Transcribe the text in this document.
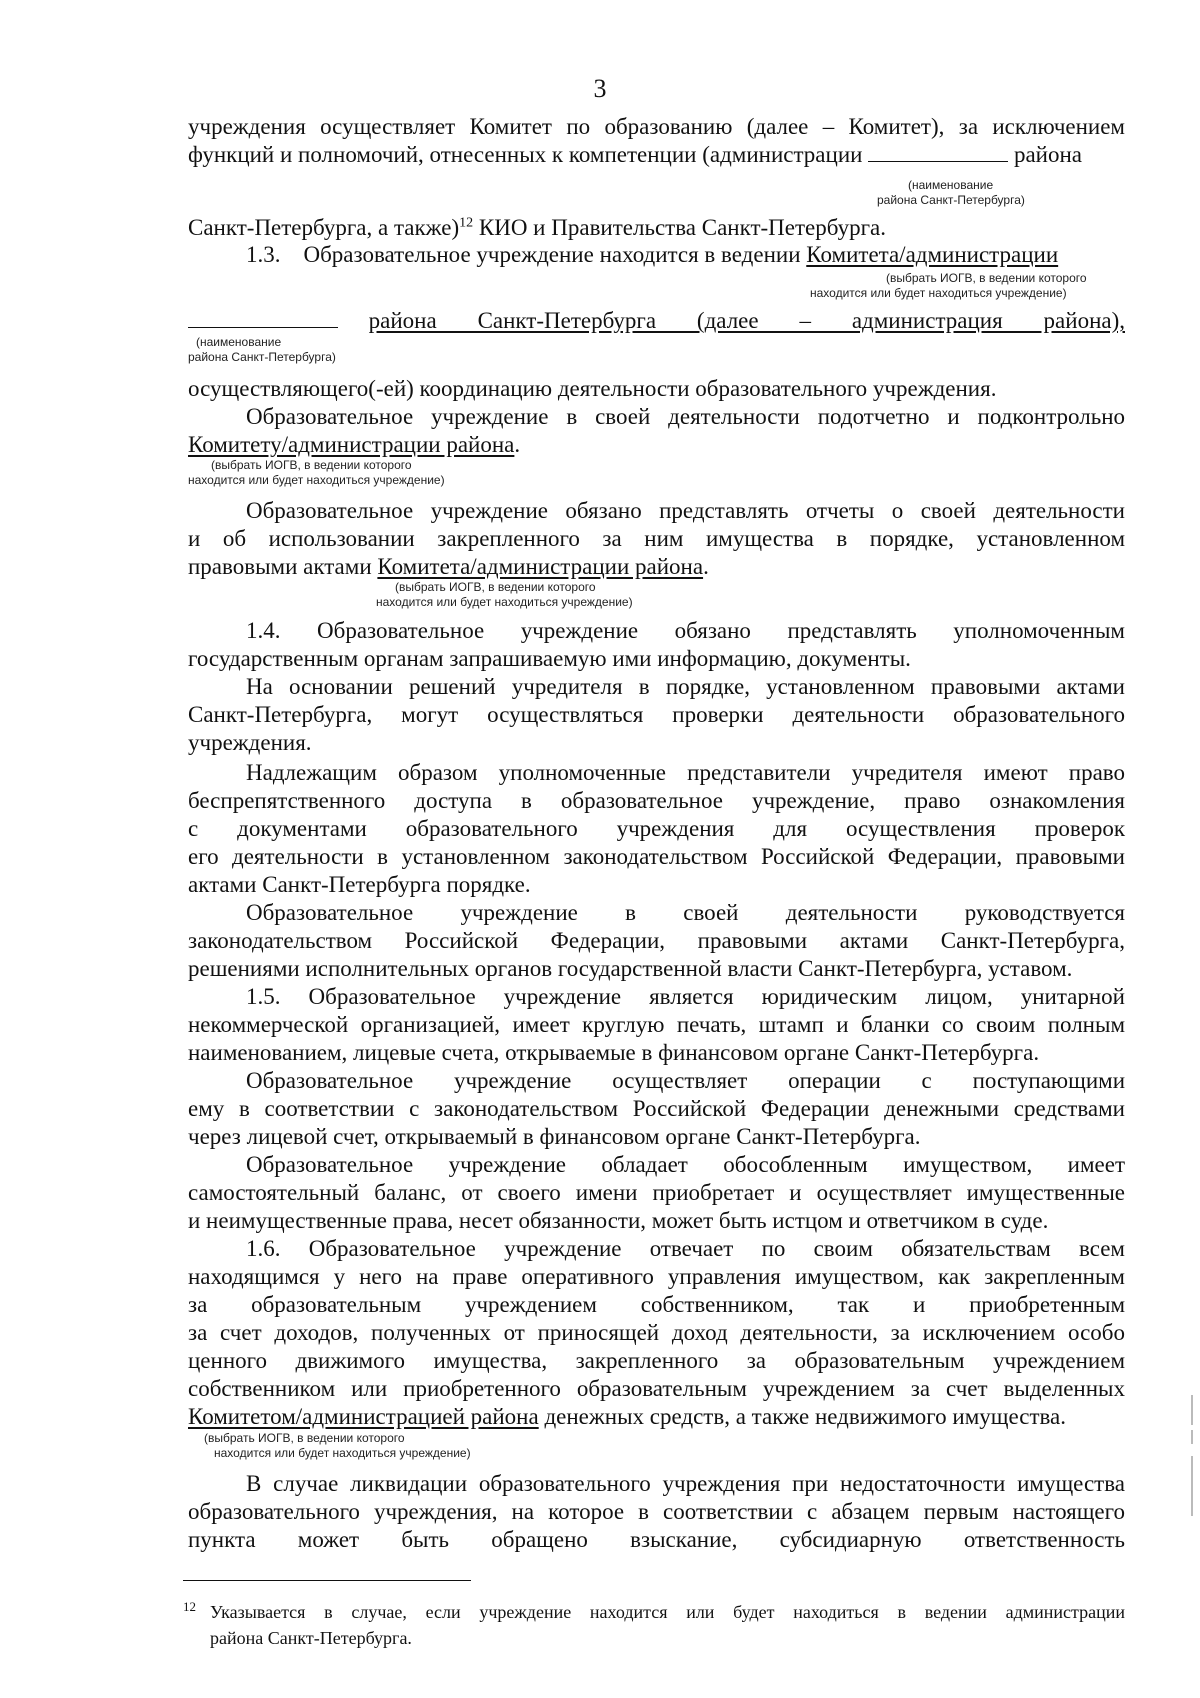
3
учреждения осуществляет Комитет по образованию (далее – Комитет), за исключением
функций и полномочий, отнесенных к компетенции (администрации	района
(наименование
района Санкт-Петербурга)
Санкт-Петербурга, а также)$^{12}$ КИО и Правительства Санкт-Петербурга.
1.3.    Образовательное учреждение находится в ведении Комитета/администрации
(выбрать ИОГВ, в ведении которого
находится или будет находиться учреждение)
района    Санкт-Петербурга    (далее    –    администрация    района),
(наименование
района Санкт-Петербурга)
осуществляющего(-ей) координацию деятельности образовательного учреждения.
Образовательное учреждение в своей деятельности подотчетно и подконтрольно
Комитету/администрации района.
(выбрать ИОГВ, в ведении которого
находится или будет находиться учреждение)
Образовательное учреждение обязано представлять отчеты о своей деятельности
и об использовании закрепленного за ним имущества в порядке, установленном
правовыми актами Комитета/администрации района.
(выбрать ИОГВ, в ведении которого
находится или будет находиться учреждение)
1.4. Образовательное учреждение обязано представлять уполномоченным
государственным органам запрашиваемую ими информацию, документы.
На основании решений учредителя в порядке, установленном правовыми актами
Санкт-Петербурга, могут осуществляться проверки деятельности образовательного
учреждения.
Надлежащим образом уполномоченные представители учредителя имеют право
беспрепятственного доступа в образовательное учреждение, право ознакомления
с документами образовательного учреждения для осуществления проверок
его деятельности в установленном законодательством Российской Федерации, правовыми
актами Санкт-Петербурга порядке.
Образовательное учреждение в своей деятельности руководствуется
законодательством Российской Федерации, правовыми актами Санкт-Петербурга,
решениями исполнительных органов государственной власти Санкт-Петербурга, уставом.
1.5. Образовательное учреждение является юридическим лицом, унитарной
некоммерческой организацией, имеет круглую печать, штамп и бланки со своим полным
наименованием, лицевые счета, открываемые в финансовом органе Санкт-Петербурга.
Образовательное учреждение осуществляет операции с поступающими
ему в соответствии с законодательством Российской Федерации денежными средствами
через лицевой счет, открываемый в финансовом органе Санкт-Петербурга.
Образовательное учреждение обладает обособленным имуществом, имеет
самостоятельный баланс, от своего имени приобретает и осуществляет имущественные
и неимущественные права, несет обязанности, может быть истцом и ответчиком в суде.
1.6. Образовательное учреждение отвечает по своим обязательствам всем
находящимся у него на праве оперативного управления имуществом, как закрепленным
за образовательным учреждением собственником, так и приобретенным
за счет доходов, полученных от приносящей доход деятельности, за исключением особо
ценного движимого имущества, закрепленного за образовательным учреждением
собственником или приобретенного образовательным учреждением за счет выделенных
Комитетом/администрацией района денежных средств, а также недвижимого имущества.
(выбрать ИОГВ, в ведении которого
находится или будет находиться учреждение)
В случае ликвидации образовательного учреждения при недостаточности имущества
образовательного учреждения, на которое в соответствии с абзацем первым настоящего
пункта может быть обращено взыскание, субсидиарную ответственность
12 Указывается в случае, если учреждение находится или будет находиться в ведении администрации
района Санкт-Петербурга.
